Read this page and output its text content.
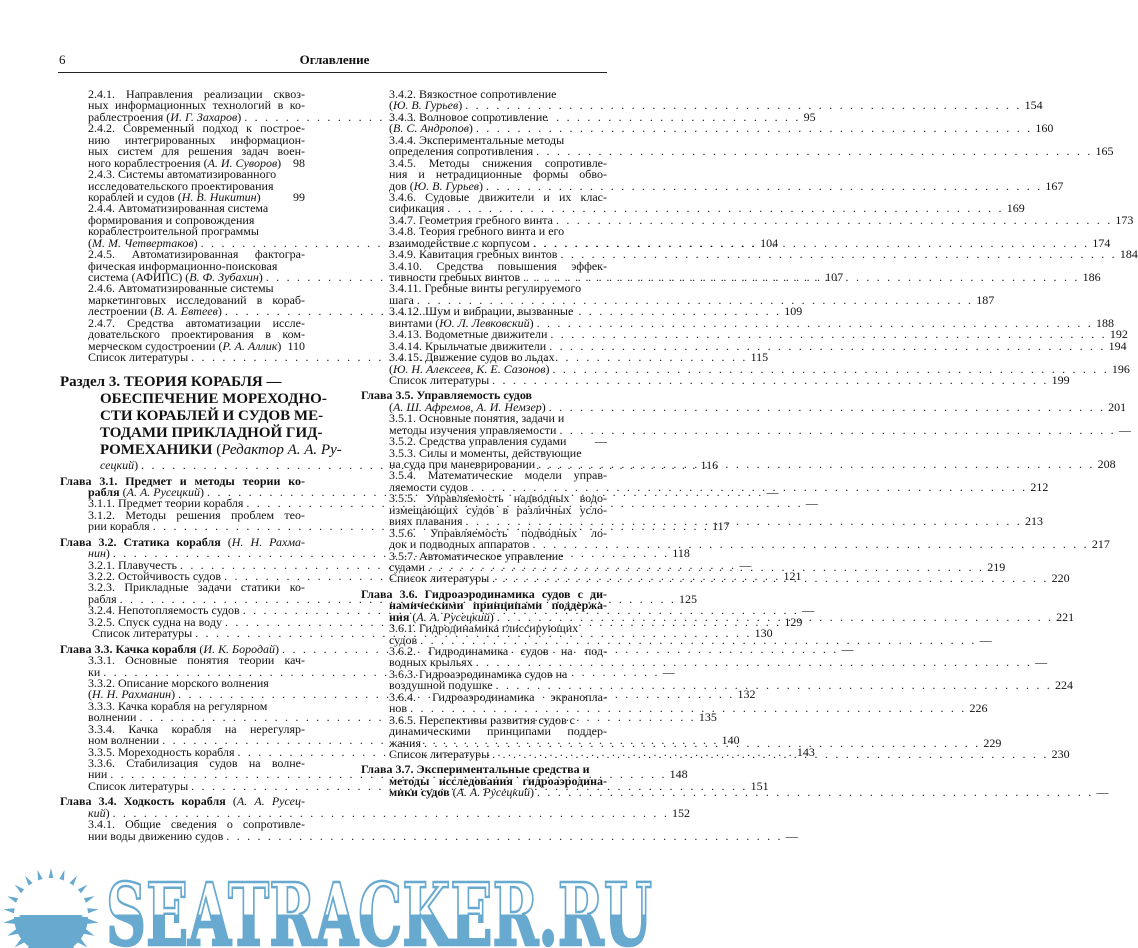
6	Оглавление
2.4.1. Направления реализации сквоз-
ных информационных технологий в ко-
раблестроения (И. Г. Захаров) . . .	95
2.4.2. Современный подход к построе-
нию интегрированных информацион-
ных систем для решения задач воен-
ного кораблестроения (А. И. Суворов) 98
2.4.3. Системы автоматизированного
исследовательского проектирования
кораблей и судов (Н. В. Никитин)	99
2.4.4. Автоматизированная система
формирования и сопровождения
кораблестроительной программы
(М. М. Четвертаков) . . .	104
2.4.5. Автоматизированная фактогра-
фическая информационно-поисковая
система (АФИПС) (В. Ф. Зубахин) . . .	107
2.4.6. Автоматизированные системы
маркетинговых исследований в кораб-
лестроении (В. А. Евтеев) . . .	109
2.4.7. Средства автоматизации иссле-
довательского проектирования в ком-
мерческом судостроении (Р. А. Аллик) 110
Список литературы . . .	115
Раздел 3. ТЕОРИЯ КОРАБЛЯ —
ОБЕСПЕЧЕНИЕ МОРЕХОДНО-
СТИ КОРАБЛЕЙ И СУДОВ МЕ-
ТОДАМИ ПРИКЛАДНОЙ ГИД-
РОМЕХАНИКИ (Редактор А. А. Ру-
сецкий) . . .	116
Глава 3.1. Предмет и методы теории ко-
рабля (А. А. Русецкий) . . .	—
3.1.1. Предмет теории корабля . . .	—
3.1.2. Методы решения проблем тео-
рии корабля . . .	117
Глава 3.2. Статика корабля (Н. Н. Рахма-
нин) . . .	118
3.2.1. Плавучесть . . .	—
3.2.2. Остойчивость судов . . .	121
3.2.3. Прикладные задачи статики ко-
рабля . . .	125
3.2.4. Непотопляемость судов . . .	—
3.2.5. Спуск судна на воду . . .	129
Список литературы . . .	130
Глава 3.3. Качка корабля (И. К. Бородай) . . .	—
3.3.1. Основные понятия теории кач-
ки . . .	—
3.3.2. Описание морского волнения
(Н. Н. Рахманин) . . .	132
3.3.3. Качка корабля на регулярном
волнении . . .	135
3.3.4. Качка корабля на нерегуляр-
ном волнении . . .	140
3.3.5. Мореходность корабля . . .	143
3.3.6. Стабилизация судов на волне-
нии . . .	148
Список литературы . . .	151
Глава 3.4. Ходкость корабля (А. А. Русец-
кий) . . .	152
3.4.1. Общие сведения о сопротивле-
нии воды движению судов . . .	—
3.4.2. Вязкостное сопротивление
(Ю. В. Гурьев) . . .	154
3.4.3. Волновое сопротивление
(В. С. Андропов) . . .	160
3.4.4. Экспериментальные методы
определения сопротивления . . .	165
3.4.5. Методы снижения сопротивле-
ния и нетрадиционные формы обво-
дов (Ю. В. Гурьев) . . .	167
3.4.6. Судовые движители и их клас-
сификация . . .	169
3.4.7. Геометрия гребного винта . . .	173
3.4.8. Теория гребного винта и его
взаимодействие с корпусом . . .	174
3.4.9. Кавитация гребных винтов . . .	184
3.4.10. Средства повышения эффек-
тивности гребных винтов . . .	186
3.4.11. Гребные винты регулируемого
шага . . .	187
3.4.12. Шум и вибрации, вызванные
винтами (Ю. Л. Левковский) . . .	188
3.4.13. Водометные движители . . .	192
3.4.14. Крыльчатые движители . . .	194
3.4.15. Движение судов во льдах
(Ю. Н. Алексеев, К. Е. Сазонов) . . .	196
Список литературы . . .	199
Глава 3.5. Управляемость судов
(А. Ш. Афремов, А. И. Немзер) . . .	201
3.5.1. Основные понятия, задачи и
методы изучения управляемости . . .	—
3.5.2. Средства управления судами —
3.5.3. Силы и моменты, действующие
на суда при маневрировании . . .	208
3.5.4. Математические модели управ-
ляемости судов . . .	212
3.5.5. Управляемость надводных водо-
измещающих судов в различных усло-
виях плавания . . .	213
3.5.6. Управляемость подводных ло-
док и подводных аппаратов . . .	217
3.5.7. Автоматическое управление
судами . . .	219
Список литературы . . .	220
Глава 3.6. Гидроаэродинамика судов с ди-
намическими принципами поддержа-
ния (А. А. Русецкий) . . .	221
3.6.1. Гидродинамика глиссирующих
судов . . .	—
3.6.2. Гидродинамика судов на под-
водных крыльях . . .	—
3.6.3. Гидроаэродинамика судов на
воздушной подушке . . .	224
3.6.4. Гидроаэродинамика экранопла-
нов . . .	226
3.6.5. Перспективы развития судов с
динамическими принципами поддер-
жания . . .	229
Список литературы . . .	230
Глава 3.7. Экспериментальные средства и
методы исследования гидроаэродина-
мики судов (А. А. Русецкий) . . .	—
SEATRACKER.RU
